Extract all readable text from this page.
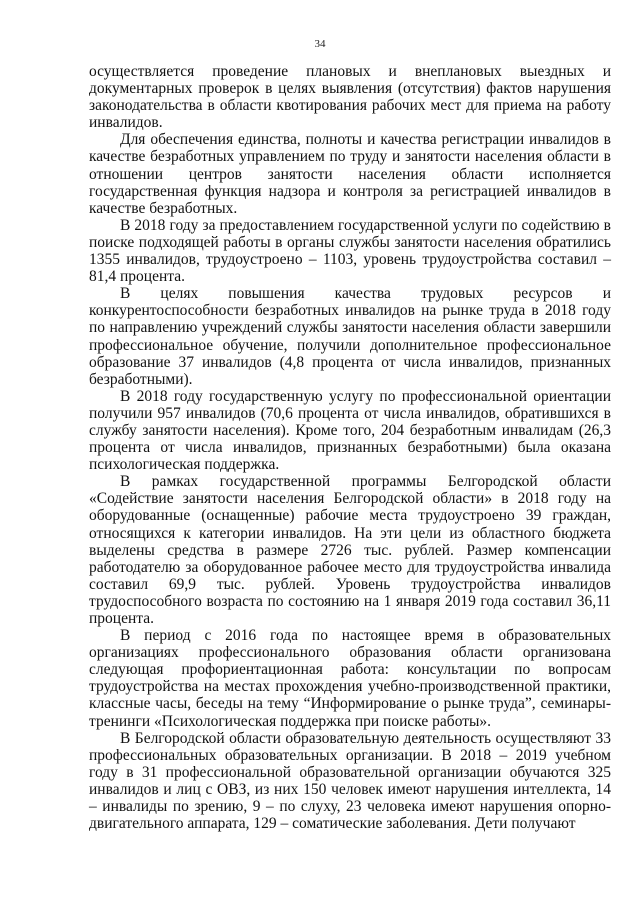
34

осуществляется проведение плановых и внеплановых выездных и документарных проверок в целях выявления (отсутствия) фактов нарушения законодательства в области квотирования рабочих мест для приема на работу инвалидов.

Для обеспечения единства, полноты и качества регистрации инвалидов в качестве безработных управлением по труду и занятости населения области в отношении центров занятости населения области исполняется государственная функция надзора и контроля за регистрацией инвалидов в качестве безработных.

В 2018 году за предоставлением государственной услуги по содействию в поиске подходящей работы в органы службы занятости населения обратились 1355 инвалидов, трудоустроено – 1103, уровень трудоустройства составил – 81,4 процента.

В целях повышения качества трудовых ресурсов и конкурентоспособности безработных инвалидов на рынке труда в 2018 году по направлению учреждений службы занятости населения области завершили профессиональное обучение, получили дополнительное профессиональное образование 37 инвалидов (4,8 процента от числа инвалидов, признанных безработными).

В 2018 году государственную услугу по профессиональной ориентации получили 957 инвалидов (70,6 процента от числа инвалидов, обратившихся в службу занятости населения). Кроме того, 204 безработным инвалидам (26,3 процента от числа инвалидов, признанных безработными) была оказана психологическая поддержка.

В рамках государственной программы Белгородской области «Содействие занятости населения Белгородской области» в 2018 году на оборудованные (оснащенные) рабочие места трудоустроено 39 граждан, относящихся к категории инвалидов. На эти цели из областного бюджета выделены средства в размере 2726 тыс. рублей. Размер компенсации работодателю за оборудованное рабочее место для трудоустройства инвалида составил 69,9 тыс. рублей. Уровень трудоустройства инвалидов трудоспособного возраста по состоянию на 1 января 2019 года составил 36,11 процента.

В период с 2016 года по настоящее время в образовательных организациях профессионального образования области организована следующая профориентационная работа: консультации по вопросам трудоустройства на местах прохождения учебно-производственной практики, классные часы, беседы на тему “Информирование о рынке труда”, семинары-тренинги «Психологическая поддержка при поиске работы».

В Белгородской области образовательную деятельность осуществляют 33 профессиональных образовательных организации. В 2018 – 2019 учебном году в 31 профессиональной образовательной организации обучаются 325 инвалидов и лиц с ОВЗ, из них 150 человек имеют нарушения интеллекта, 14 – инвалиды по зрению, 9 – по слуху, 23 человека имеют нарушения опорно-двигательного аппарата, 129 – соматические заболевания. Дети получают
